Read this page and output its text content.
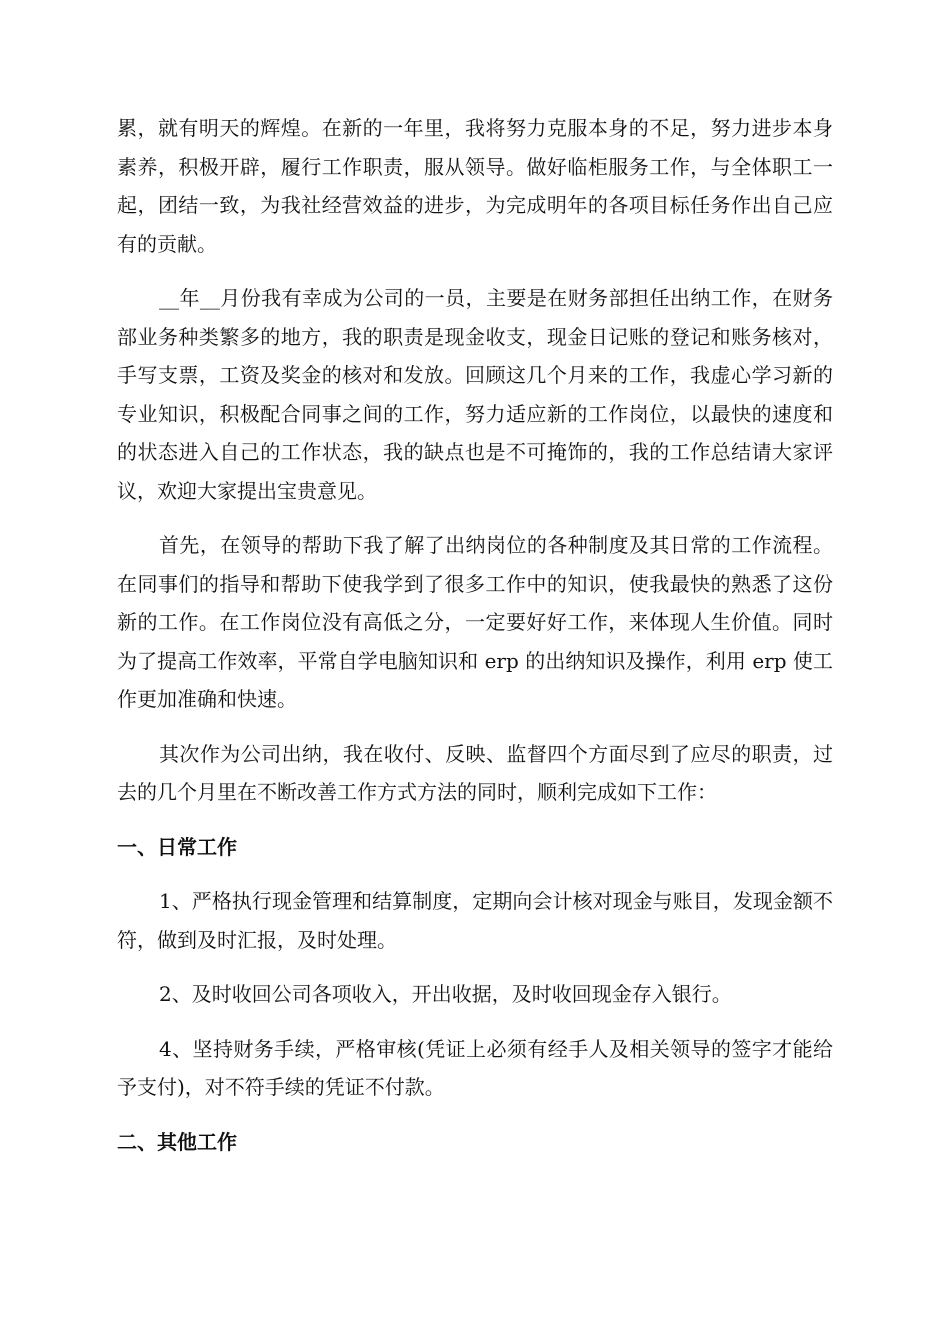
累，就有明天的辉煌。在新的一年里，我将努力克服本身的不足，努力进步本身素养，积极开辟，履行工作职责，服从领导。做好临柜服务工作，与全体职工一起，团结一致，为我社经营效益的进步，为完成明年的各项目标任务作出自己应有的贡献。

__年__月份我有幸成为公司的一员，主要是在财务部担任出纳工作，在财务部业务种类繁多的地方，我的职责是现金收支，现金日记账的登记和账务核对，手写支票，工资及奖金的核对和发放。回顾这几个月来的工作，我虚心学习新的专业知识，积极配合同事之间的工作，努力适应新的工作岗位，以最快的速度和的状态进入自己的工作状态，我的缺点也是不可掩饰的，我的工作总结请大家评议，欢迎大家提出宝贵意见。

首先，在领导的帮助下我了解了出纳岗位的各种制度及其日常的工作流程。在同事们的指导和帮助下使我学到了很多工作中的知识，使我最快的熟悉了这份新的工作。在工作岗位没有高低之分，一定要好好工作，来体现人生价值。同时为了提高工作效率，平常自学电脑知识和 erp 的出纳知识及操作，利用 erp 使工作更加准确和快速。

其次作为公司出纳，我在收付、反映、监督四个方面尽到了应尽的职责，过去的几个月里在不断改善工作方式方法的同时，顺利完成如下工作：

一、日常工作

1、严格执行现金管理和结算制度，定期向会计核对现金与账目，发现金额不符，做到及时汇报，及时处理。

2、及时收回公司各项收入，开出收据，及时收回现金存入银行。

4、坚持财务手续，严格审核(凭证上必须有经手人及相关领导的签字才能给予支付)，对不符手续的凭证不付款。

二、其他工作
